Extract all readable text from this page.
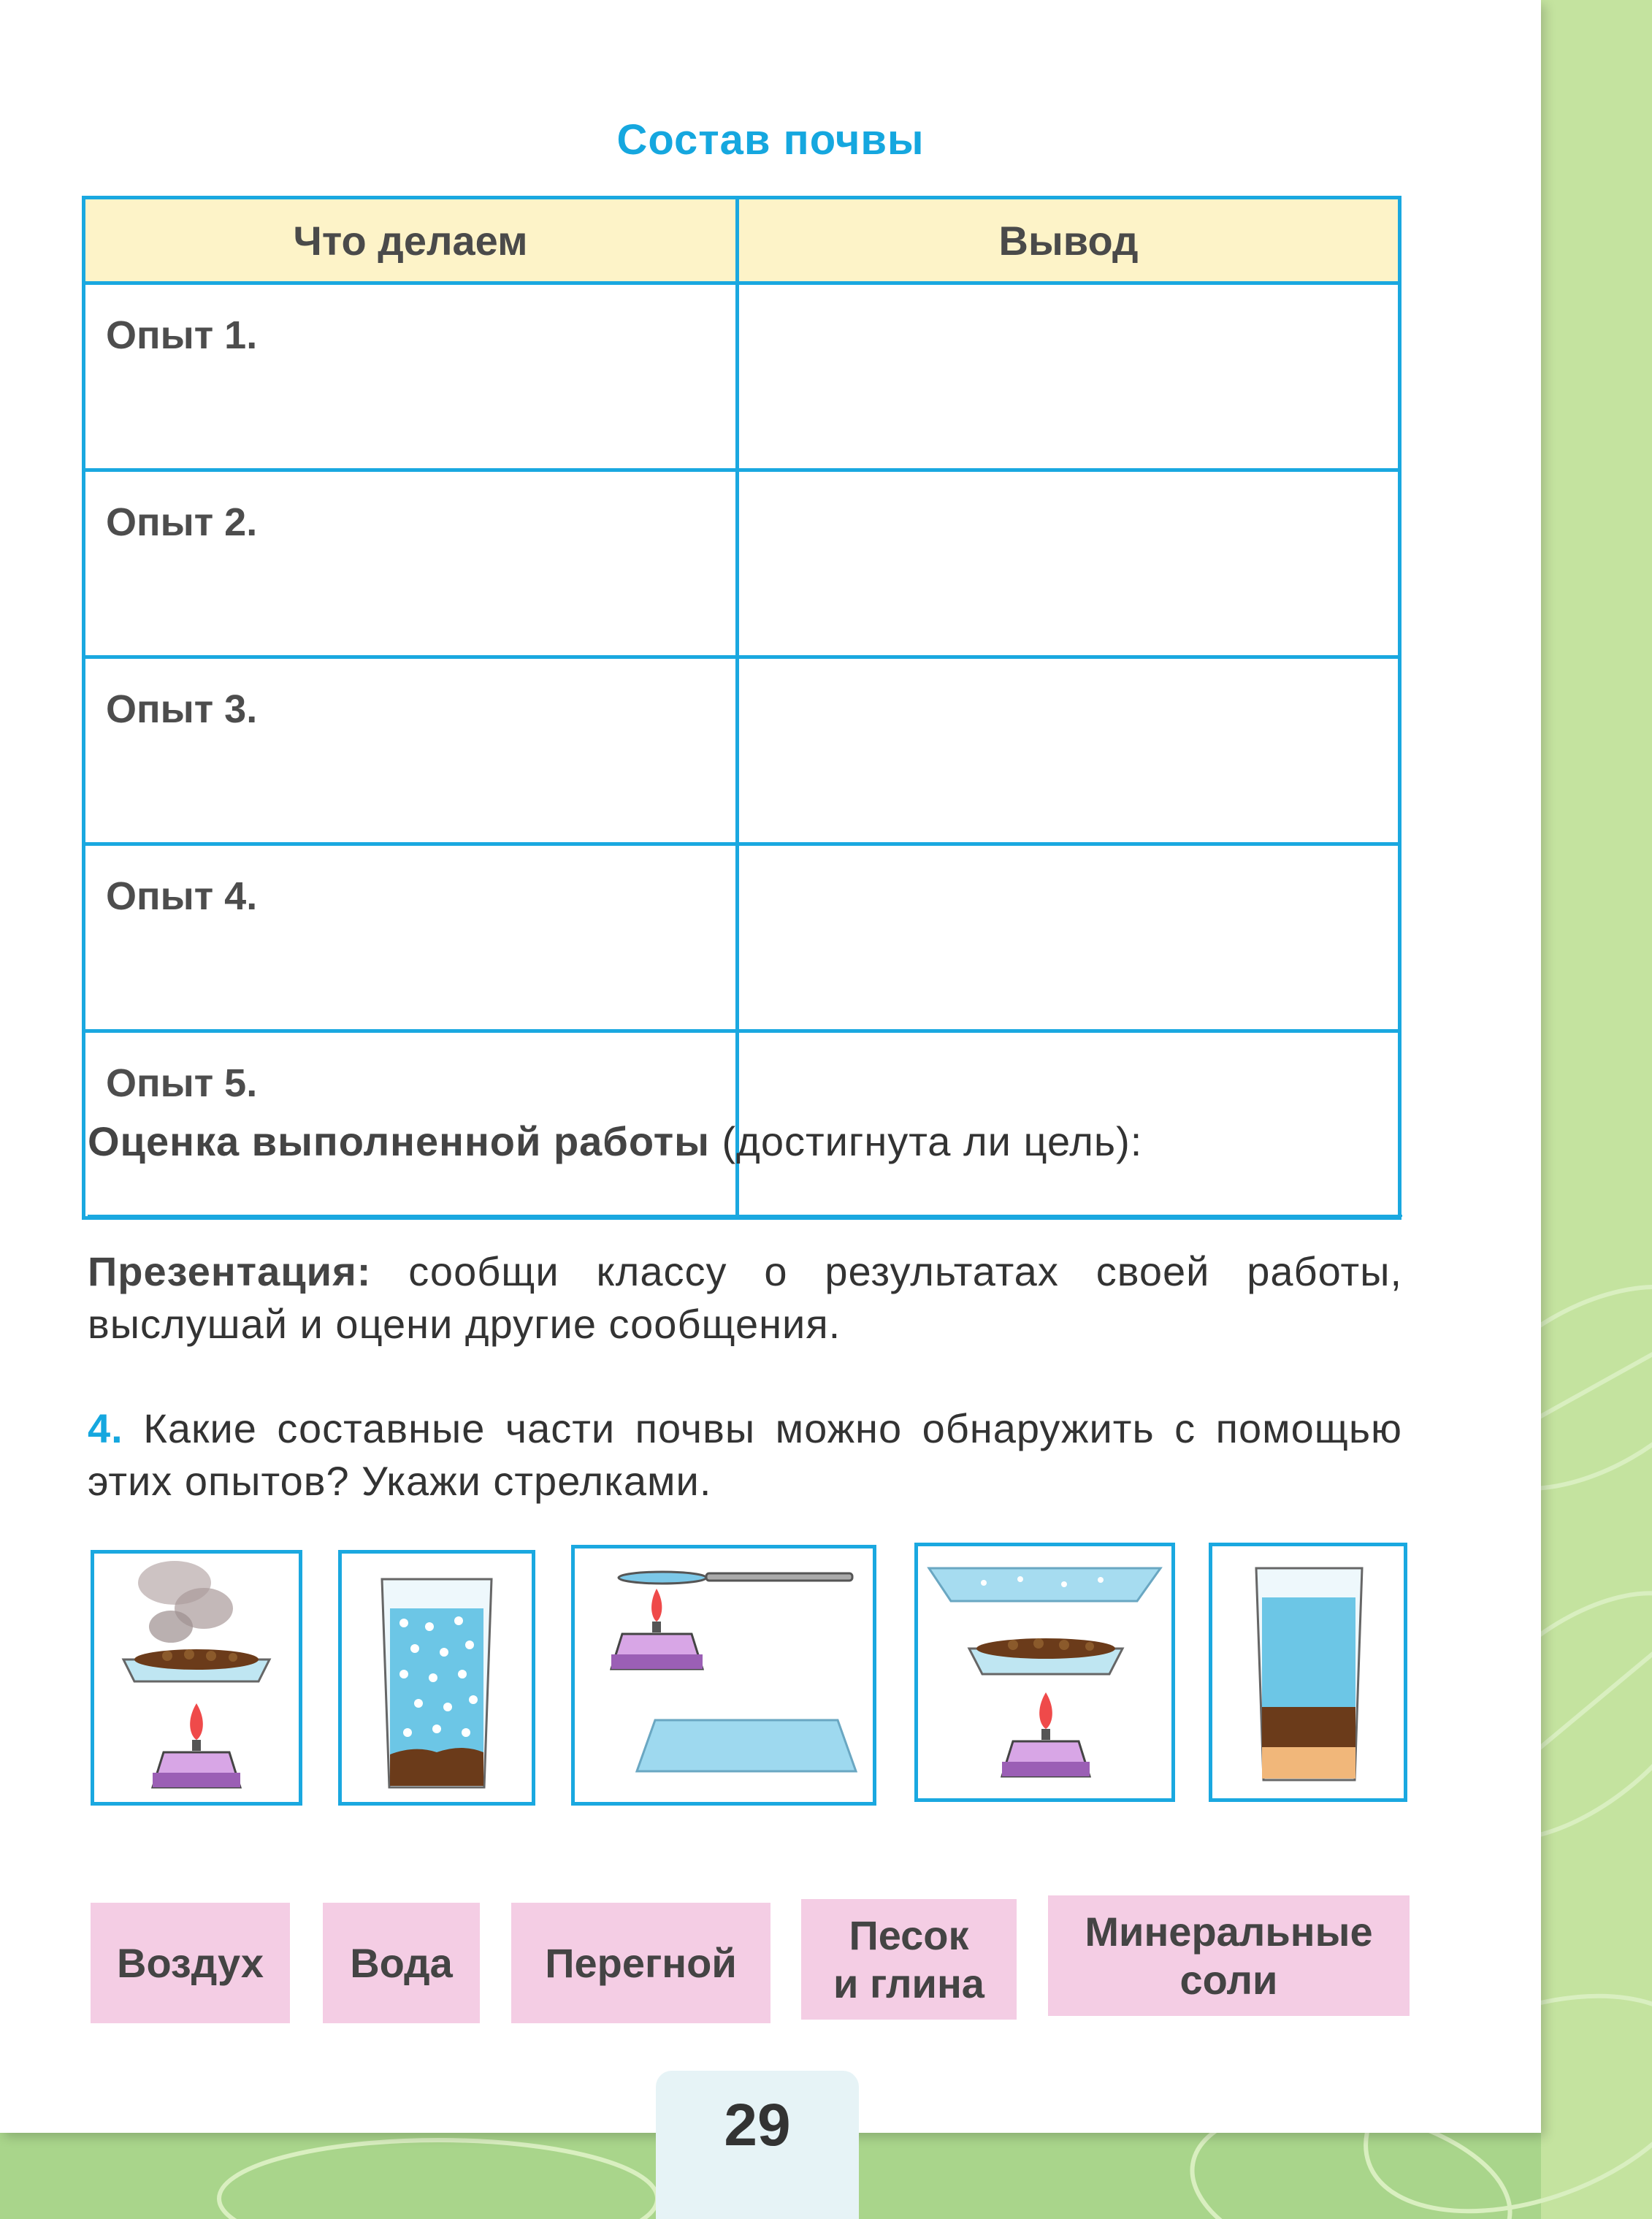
Состав почвы
Что делаем	Вывод
Опыт 1.	
Опыт 2.	
Опыт 3.	
Опыт 4.	
Опыт 5.	
Оценка выполненной работы (достигнута ли цель):
Презентация: сообщи классу о результатах своей работы, выслушай и оцени другие сообщения.
4. Какие составные части почвы можно обнаружить с помощью этих опытов? Укажи стрелками.
Воздух Вода Перегной
Песок
и глина
Минеральные
соли
29
